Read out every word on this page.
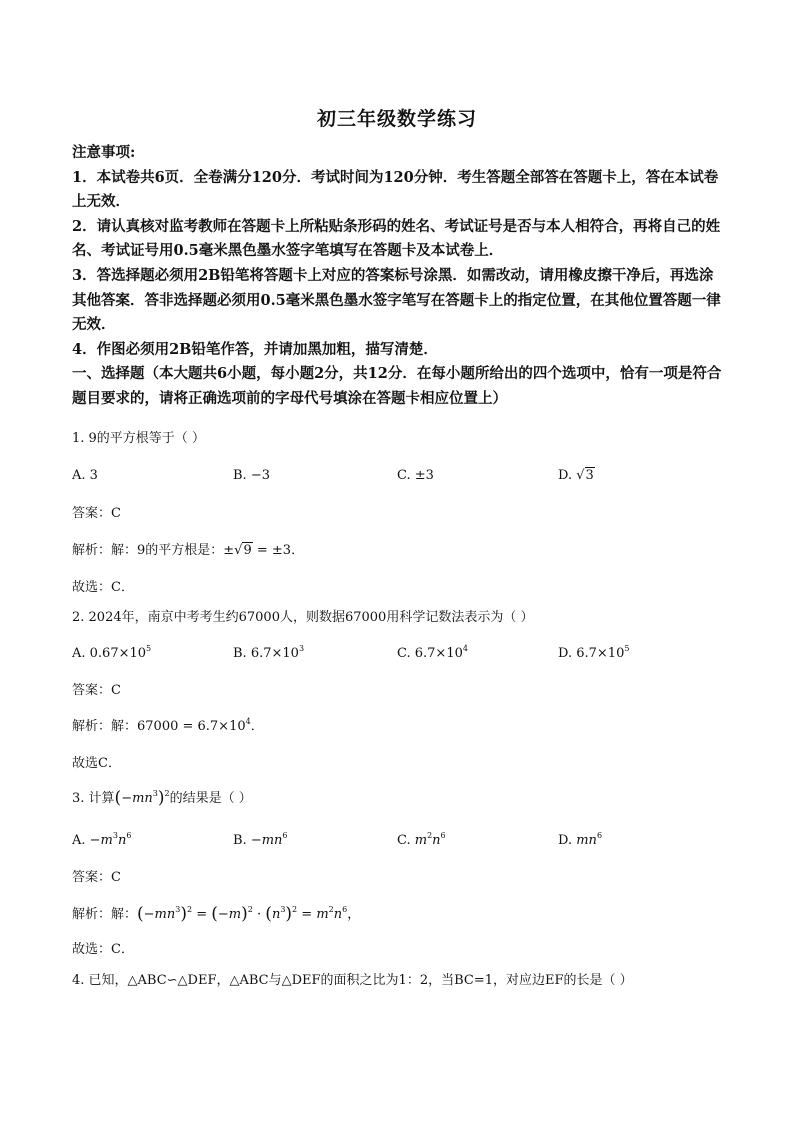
初三年级数学练习

注意事项:

1．本试卷共6页．全卷满分120分．考试时间为120分钟．考生答题全部答在答题卡上，答在本试卷上无效．

2．请认真核对监考教师在答题卡上所粘贴条形码的姓名、考试证号是否与本人相符合，再将自己的姓名、考试证号用0.5毫米黑色墨水签字笔填写在答题卡及本试卷上．

3．答选择题必须用2B铅笔将答题卡上对应的答案标号涂黑．如需改动，请用橡皮擦干净后，再选涂其他答案．答非选择题必须用0.5毫米黑色墨水签字笔写在答题卡上的指定位置，在其他位置答题一律无效．

4．作图必须用2B铅笔作答，并请加黑加粗，描写清楚．

一、选择题（本大题共6小题，每小题2分，共12分．在每小题所给出的四个选项中，恰有一项是符合题目要求的，请将正确选项前的字母代号填涂在答题卡相应位置上）

1. 9的平方根等于（ ）
A. 3	B. −3	C. ±3	D. √3
答案：C
解析：解：9的平方根是：±√9 = ±3．
故选：C．
2. 2024年，南京中考考生约67000人，则数据67000用科学记数法表示为（ ）
A. $0.67\times 10^5$	B. $6.7\times 10^3$	C. $6.7\times 10^4$	D. $6.7\times 10^5$
答案：C
解析：解：$67000 = 6.7\times 10^4$．
故选C．
3. 计算$(-mn^3)^2$的结果是（ ）
A. $-m^3n^6$	B. $-mn^6$	C. $m^2n^6$	D. $mn^6$
答案：C
解析：解：$(-mn^3)^2 = (-m)^2 \cdot (n^3)^2 = m^2n^6$，
故选：C．
4. 已知，△ABC∽△DEF，△ABC与△DEF的面积之比为1：2，当BC=1，对应边EF的长是（ ）
